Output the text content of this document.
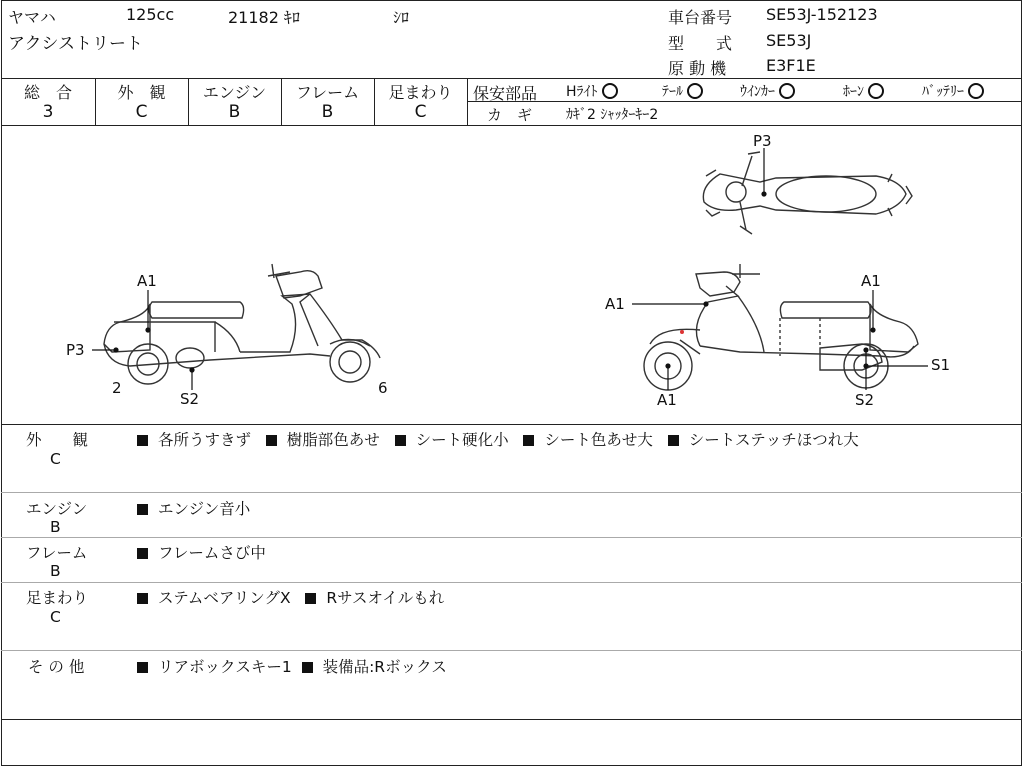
ヤマハ	125cc	21182 ｷﾛ	ｼﾛ
アクシストリート
車台番号 SE53J-152123
型　　式 SE53J
原 動 機 E3F1E
総　合
3
外　観
C
エンジン
B
フレーム
B
足まわり
C
保安部品 Hﾗｲﾄ	ﾃｰﾙ	ｳｲﾝｶｰ	ﾎｰﾝ	ﾊﾞｯﾃﾘｰ
カ　ギ ｶｷﾞ2 ｼｬｯﾀｰｷｰ2
A1
P3
2
S2
6
P3
A1
A1
S1
A1	S2
外　　観
C
各所うすきず 樹脂部色あせ シート硬化小 シート色あせ大 シートステッチほつれ大
エンジン
B
エンジン音小
フレーム
B
フレームさび中
足まわり
C
ステムベアリングX Rサスオイルもれ
そ の 他	リアボックスキー1 装備品:Rボックス
